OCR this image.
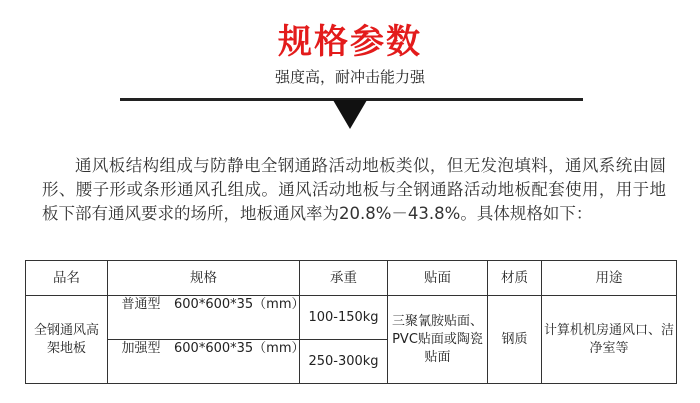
规格参数
强度高，耐冲击能力强

通风板结构组成与防静电全钢通路活动地板类似，但无发泡填料，通风系统由圆形、腰子形或条形通风孔组成。通风活动地板与全钢通路活动地板配套使用，用于地板下部有通风要求的场所，地板通风率为20.8%－43.8%。具体规格如下：

品名	规格	承重	贴面	材质	用途
全钢通风高架地板	普通型 600*600*35（mm）	100-150kg	三聚氰胺贴面、PVC贴面或陶瓷贴面	钢质	计算机机房通风口、洁净室等

	加强型 600*600*35（mm）	250-300kg			
